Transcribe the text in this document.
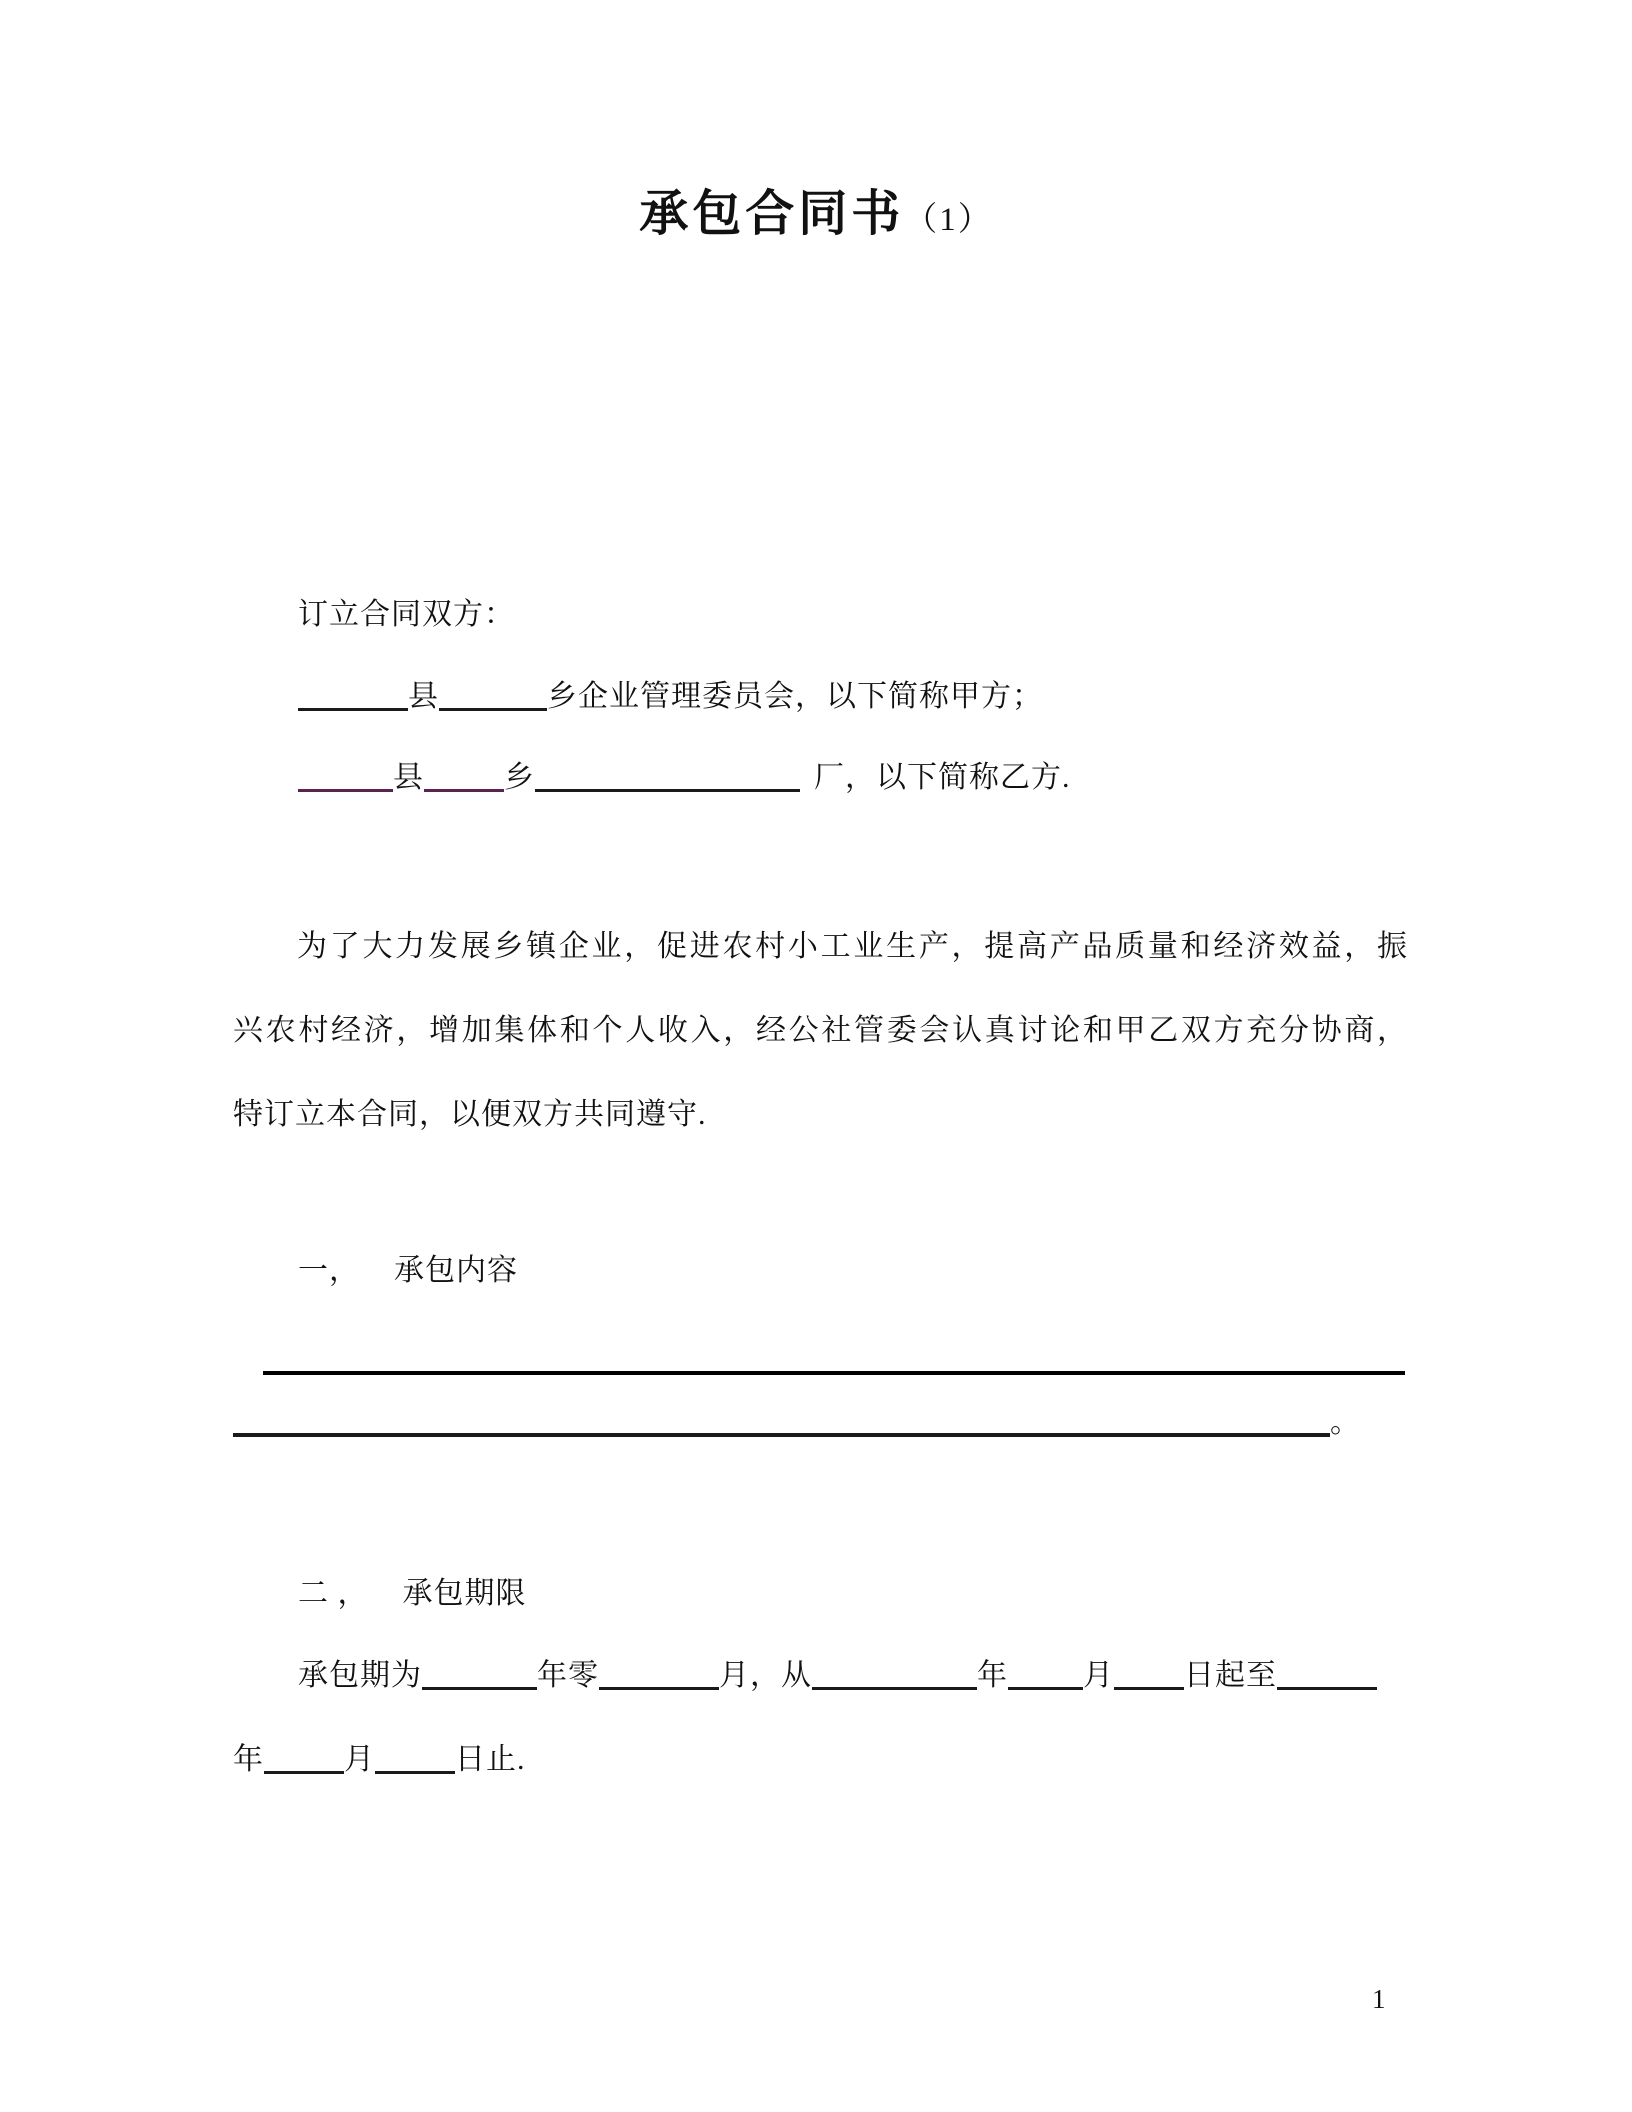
承包合同书（1）
订立合同双方：
县	乡企业管理委员会，以下简称甲方；
县	乡	厂，以下简称乙方.
为了大力发展乡镇企业，促进农村小工业生产，提高产品质量和经济效益，振
兴农村经济，增加集体和个人收入，经公社管委会认真讨论和甲乙双方充分协商，
特订立本合同，以便双方共同遵守.
一， 承包内容
。
二 ， 承包期限
承包期为	年零	月，从	年	月 日起至
年	月	日止.
1
